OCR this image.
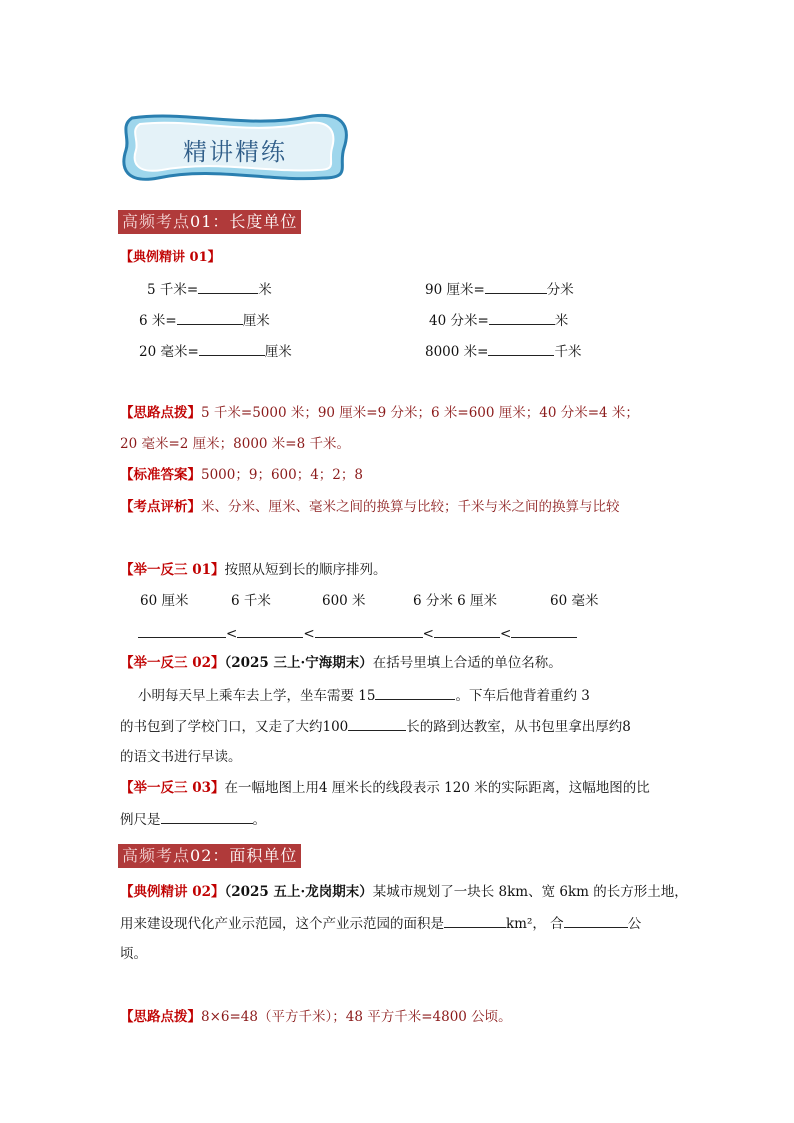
精讲精练
高频考点01：长度单位
【典例精讲 01】
5 千米=	米	90 厘米=	分米
6 米=	厘米	40 分米=	米
20 毫米=	厘米	8000 米=	千米
【思路点拨】5 千米=5000 米；90 厘米=9 分米；6 米=600 厘米；40 分米=4 米；
20 毫米=2 厘米；8000 米=8 千米。
【标准答案】5000；9；600；4；2；8
【考点评析】米、分米、厘米、毫米之间的换算与比较；千米与米之间的换算与比较
【举一反三 01】按照从短到长的顺序排列。
60 厘米	6 千米	600 米	6 分米 6 厘米	60 毫米
<	<	<	<
【举一反三 02】（2025 三上·宁海期末）在括号里填上合适的单位名称。
小明每天早上乘车去上学，坐车需要 15	。下车后他背着重约 3
的书包到了学校门口，又走了大约100	长的路到达教室，从书包里拿出厚约8
的语文书进行早读。
【举一反三 03】在一幅地图上用4 厘米长的线段表示 120 米的实际距离，这幅地图的比
例尺是	。
高频考点02：面积单位
【典例精讲 02】（2025 五上·龙岗期末）某城市规划了一块长 8km、宽 6km 的长方形土地，
用来建设现代化产业示范园，这个产业示范园的面积是	km²， 合	公
顷。
【思路点拨】8×6=48（平方千米）；48 平方千米=4800 公顷。
